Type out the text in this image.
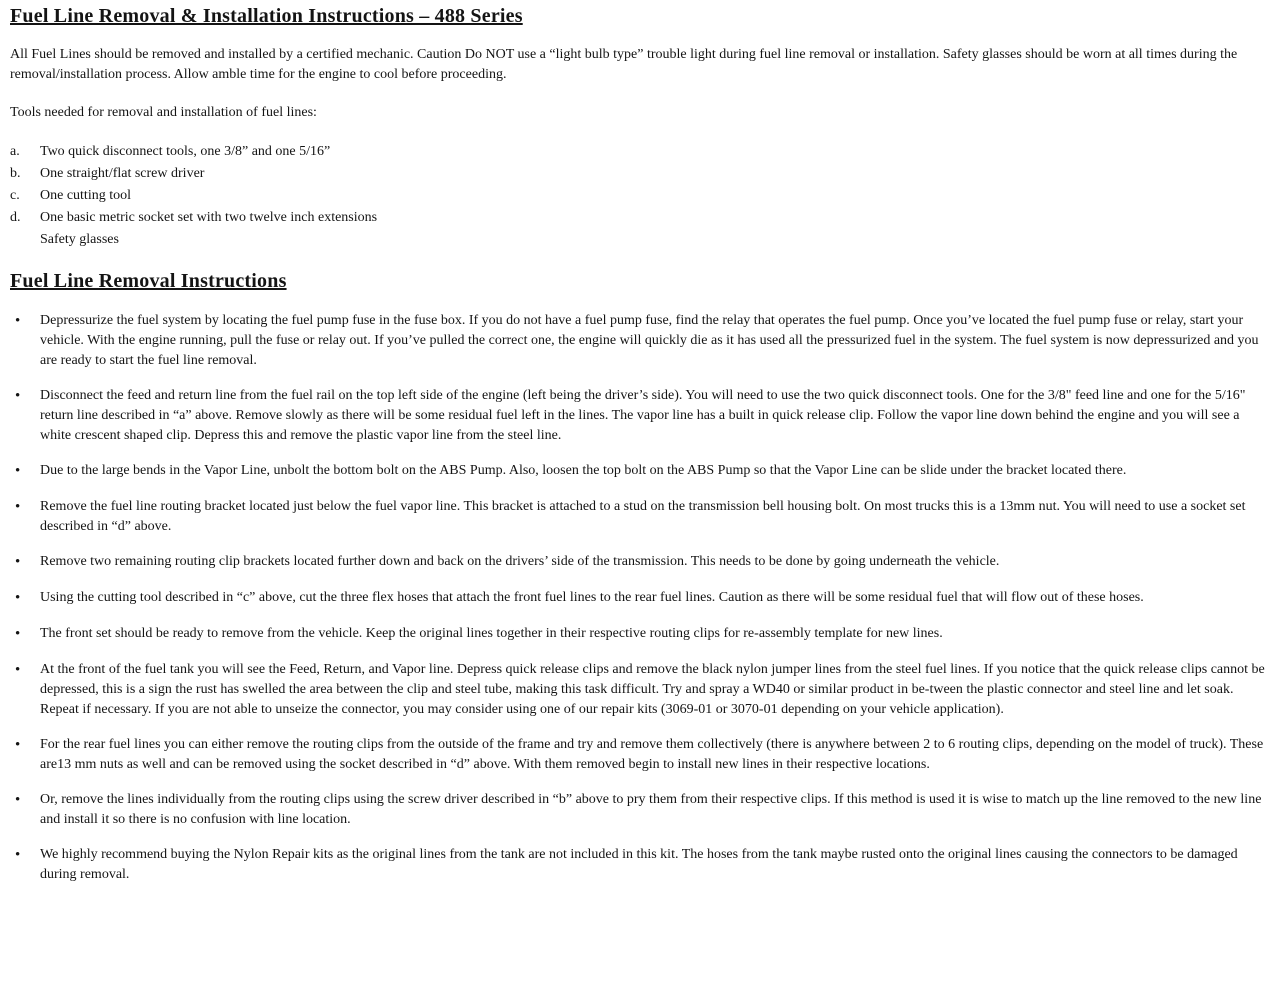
Fuel Line Removal & Installation Instructions – 488 Series

All Fuel Lines should be removed and installed by a certified mechanic. Caution Do NOT use a “light bulb type” trouble light during fuel line removal or installation. Safety glasses should be worn at all times during the removal/installation process. Allow amble time for the engine to cool before proceeding.

Tools needed for removal and installation of fuel lines:

a.	Two quick disconnect tools, one 3/8” and one 5/16”
b.	One straight/flat screw driver
c.	One cutting tool
d.	One basic metric socket set with two twelve inch extensions
Safety glasses
Fuel Line Removal Instructions
•
Depressurize the fuel system by locating the fuel pump fuse in the fuse box. If you do not have a fuel pump fuse, find the relay that operates the fuel pump. Once you’ve located the fuel pump fuse or relay, start your vehicle. With the engine running, pull the fuse or relay out. If you’ve pulled the correct one, the engine will quickly die as it has used all the pressurized fuel in the system. The fuel system is now depressurized and you are ready to start the fuel line removal.
•
Disconnect the feed and return line from the fuel rail on the top left side of the engine (left being the driver’s side). You will need to use the two quick disconnect tools. One for the 3/8" feed line and one for the 5/16" return line described in “a” above. Remove slowly as there will be some residual fuel left in the lines. The vapor line has a built in quick release clip. Follow the vapor line down behind the engine and you will see a white crescent shaped clip. Depress this and remove the plastic vapor line from the steel line.
•
Due to the large bends in the Vapor Line, unbolt the bottom bolt on the ABS Pump. Also, loosen the top bolt on the ABS Pump so that the Vapor Line can be slide under the bracket located there.
•
Remove the fuel line routing bracket located just below the fuel vapor line. This bracket is attached to a stud on the transmission bell housing bolt. On most trucks this is a 13mm nut. You will need to use a socket set described in “d” above.
•
Remove two remaining routing clip brackets located further down and back on the drivers’ side of the transmission. This needs to be done by going underneath the vehicle.
•
Using the cutting tool described in “c” above, cut the three flex hoses that attach the front fuel lines to the rear fuel lines. Caution as there will be some residual fuel that will flow out of these hoses.
•
The front set should be ready to remove from the vehicle. Keep the original lines together in their respective routing clips for re-assembly template for new lines.
•
At the front of the fuel tank you will see the Feed, Return, and Vapor line. Depress quick release clips and remove the black nylon jumper lines from the steel fuel lines. If you notice that the quick release clips cannot be depressed, this is a sign the rust has swelled the area between the clip and steel tube, making this task difficult. Try and spray a WD40 or similar product in be-tween the plastic connector and steel line and let soak. Repeat if necessary. If you are not able to unseize the connector, you may consider using one of our repair kits (3069-01 or 3070-01 depending on your vehicle application).
•
For the rear fuel lines you can either remove the routing clips from the outside of the frame and try and remove them collectively (there is anywhere between 2 to 6 routing clips, depending on the model of truck). These are13 mm nuts as well and can be removed using the socket described in “d” above. With them removed begin to install new lines in their respective locations.
•
Or, remove the lines individually from the routing clips using the screw driver described in “b” above to pry them from their respective clips. If this method is used it is wise to match up the line removed to the new line and install it so there is no confusion with line location.
•
We highly recommend buying the Nylon Repair kits as the original lines from the tank are not included in this kit. The hoses from the tank maybe rusted onto the original lines causing the connectors to be damaged during removal.
